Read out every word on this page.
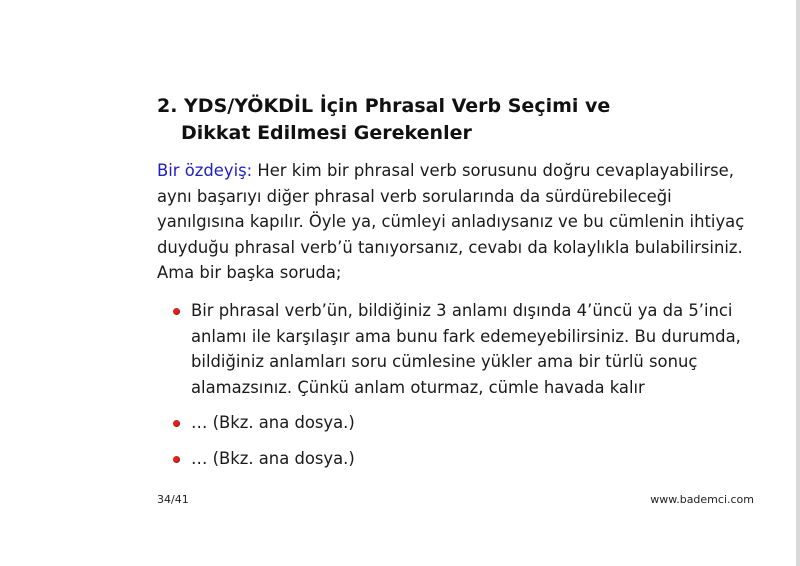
2. YDS/YÖKDİL İçin Phrasal Verb Seçimi ve
Dikkat Edilmesi Gerekenler
Bir özdeyiş: Her kim bir phrasal verb sorusunu doğru cevaplayabilirse, aynı başarıyı diğer phrasal verb sorularında da sürdürebileceği yanılgısına kapılır. Öyle ya, cümleyi anladıysanız ve bu cümlenin ihtiyaç duyduğu phrasal verb’ü tanıyorsanız, cevabı da kolaylıkla bulabilirsiniz. Ama bir başka soruda;
Bir phrasal verb’ün, bildiğiniz 3 anlamı dışında 4’üncü ya da 5’inci anlamı ile karşılaşır ama bunu fark edemeyebilirsiniz. Bu durumda, bildiğiniz anlamları soru cümlesine yükler ama bir türlü sonuç alamazsınız. Çünkü anlam oturmaz, cümle havada kalır
… (Bkz. ana dosya.)
… (Bkz. ana dosya.)
34/41	www.bademci.com
